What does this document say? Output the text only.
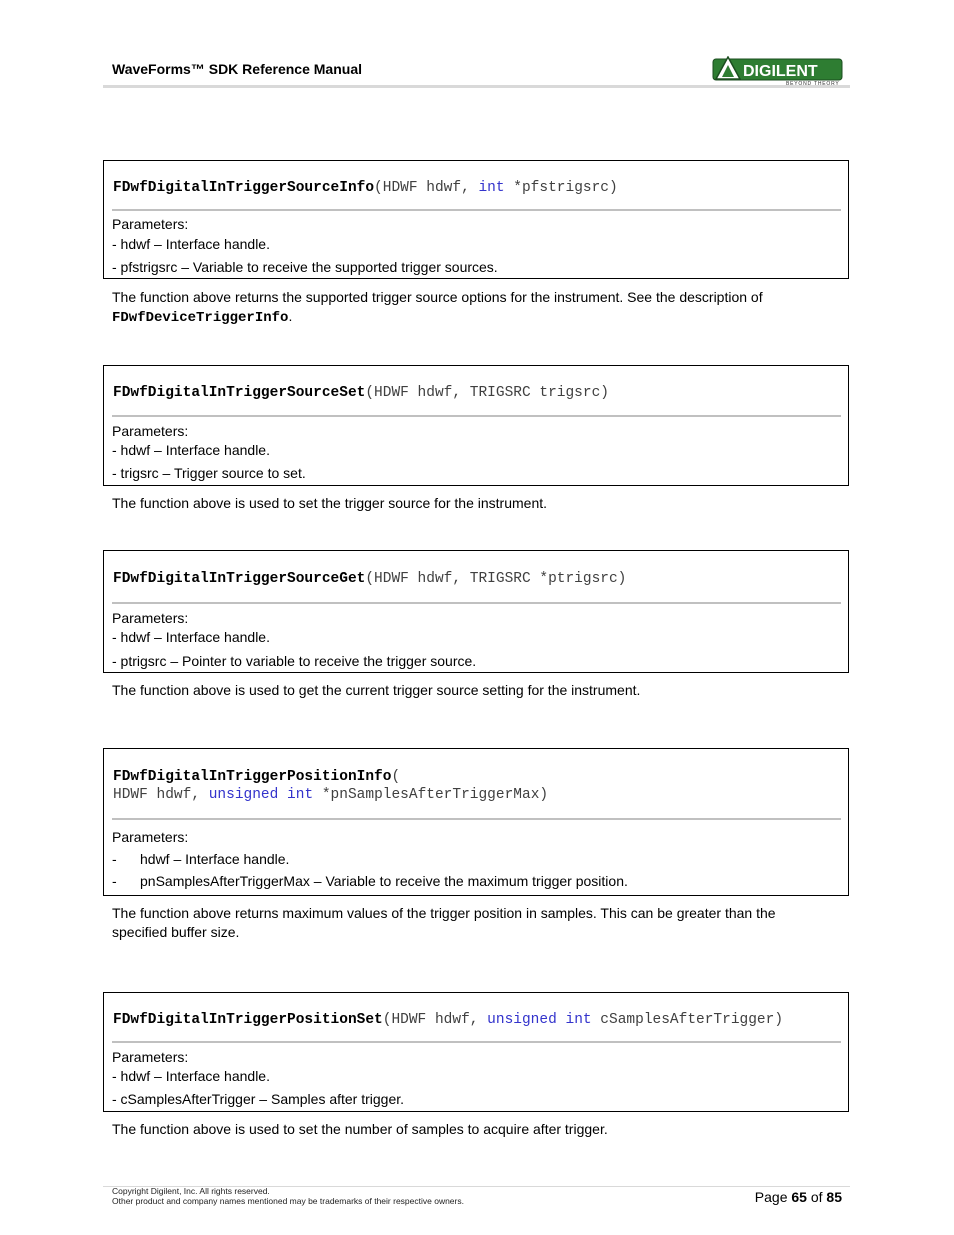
WaveForms™ SDK Reference Manual	DIGILENT
BEYOND THEORY
FDwfDigitalInTriggerSourceInfo(HDWF hdwf, int *pfstrigsrc)
Parameters:
- hdwf – Interface handle.
- pfstrigsrc – Variable to receive the supported trigger sources.
The function above returns the supported trigger source options for the instrument. See the description of FDwfDeviceTriggerInfo.
FDwfDigitalInTriggerSourceSet(HDWF hdwf, TRIGSRC trigsrc)
Parameters:
- hdwf – Interface handle.
- trigsrc – Trigger source to set.
The function above is used to set the trigger source for the instrument.
FDwfDigitalInTriggerSourceGet(HDWF hdwf, TRIGSRC *ptrigsrc)
Parameters:
- hdwf – Interface handle.
- ptrigsrc – Pointer to variable to receive the trigger source.
The function above is used to get the current trigger source setting for the instrument.
FDwfDigitalInTriggerPositionInfo(
HDWF hdwf, unsigned int *pnSamplesAfterTriggerMax)
Parameters:
- hdwf – Interface handle.
- pnSamplesAfterTriggerMax – Variable to receive the maximum trigger position.
The function above returns maximum values of the trigger position in samples. This can be greater than the specified buffer size.
FDwfDigitalInTriggerPositionSet(HDWF hdwf, unsigned int cSamplesAfterTrigger)
Parameters:
- hdwf – Interface handle.
- cSamplesAfterTrigger – Samples after trigger.
The function above is used to set the number of samples to acquire after trigger.
Copyright Digilent, Inc. All rights reserved.
Other product and company names mentioned may be trademarks of their respective owners.	Page 65 of 85
